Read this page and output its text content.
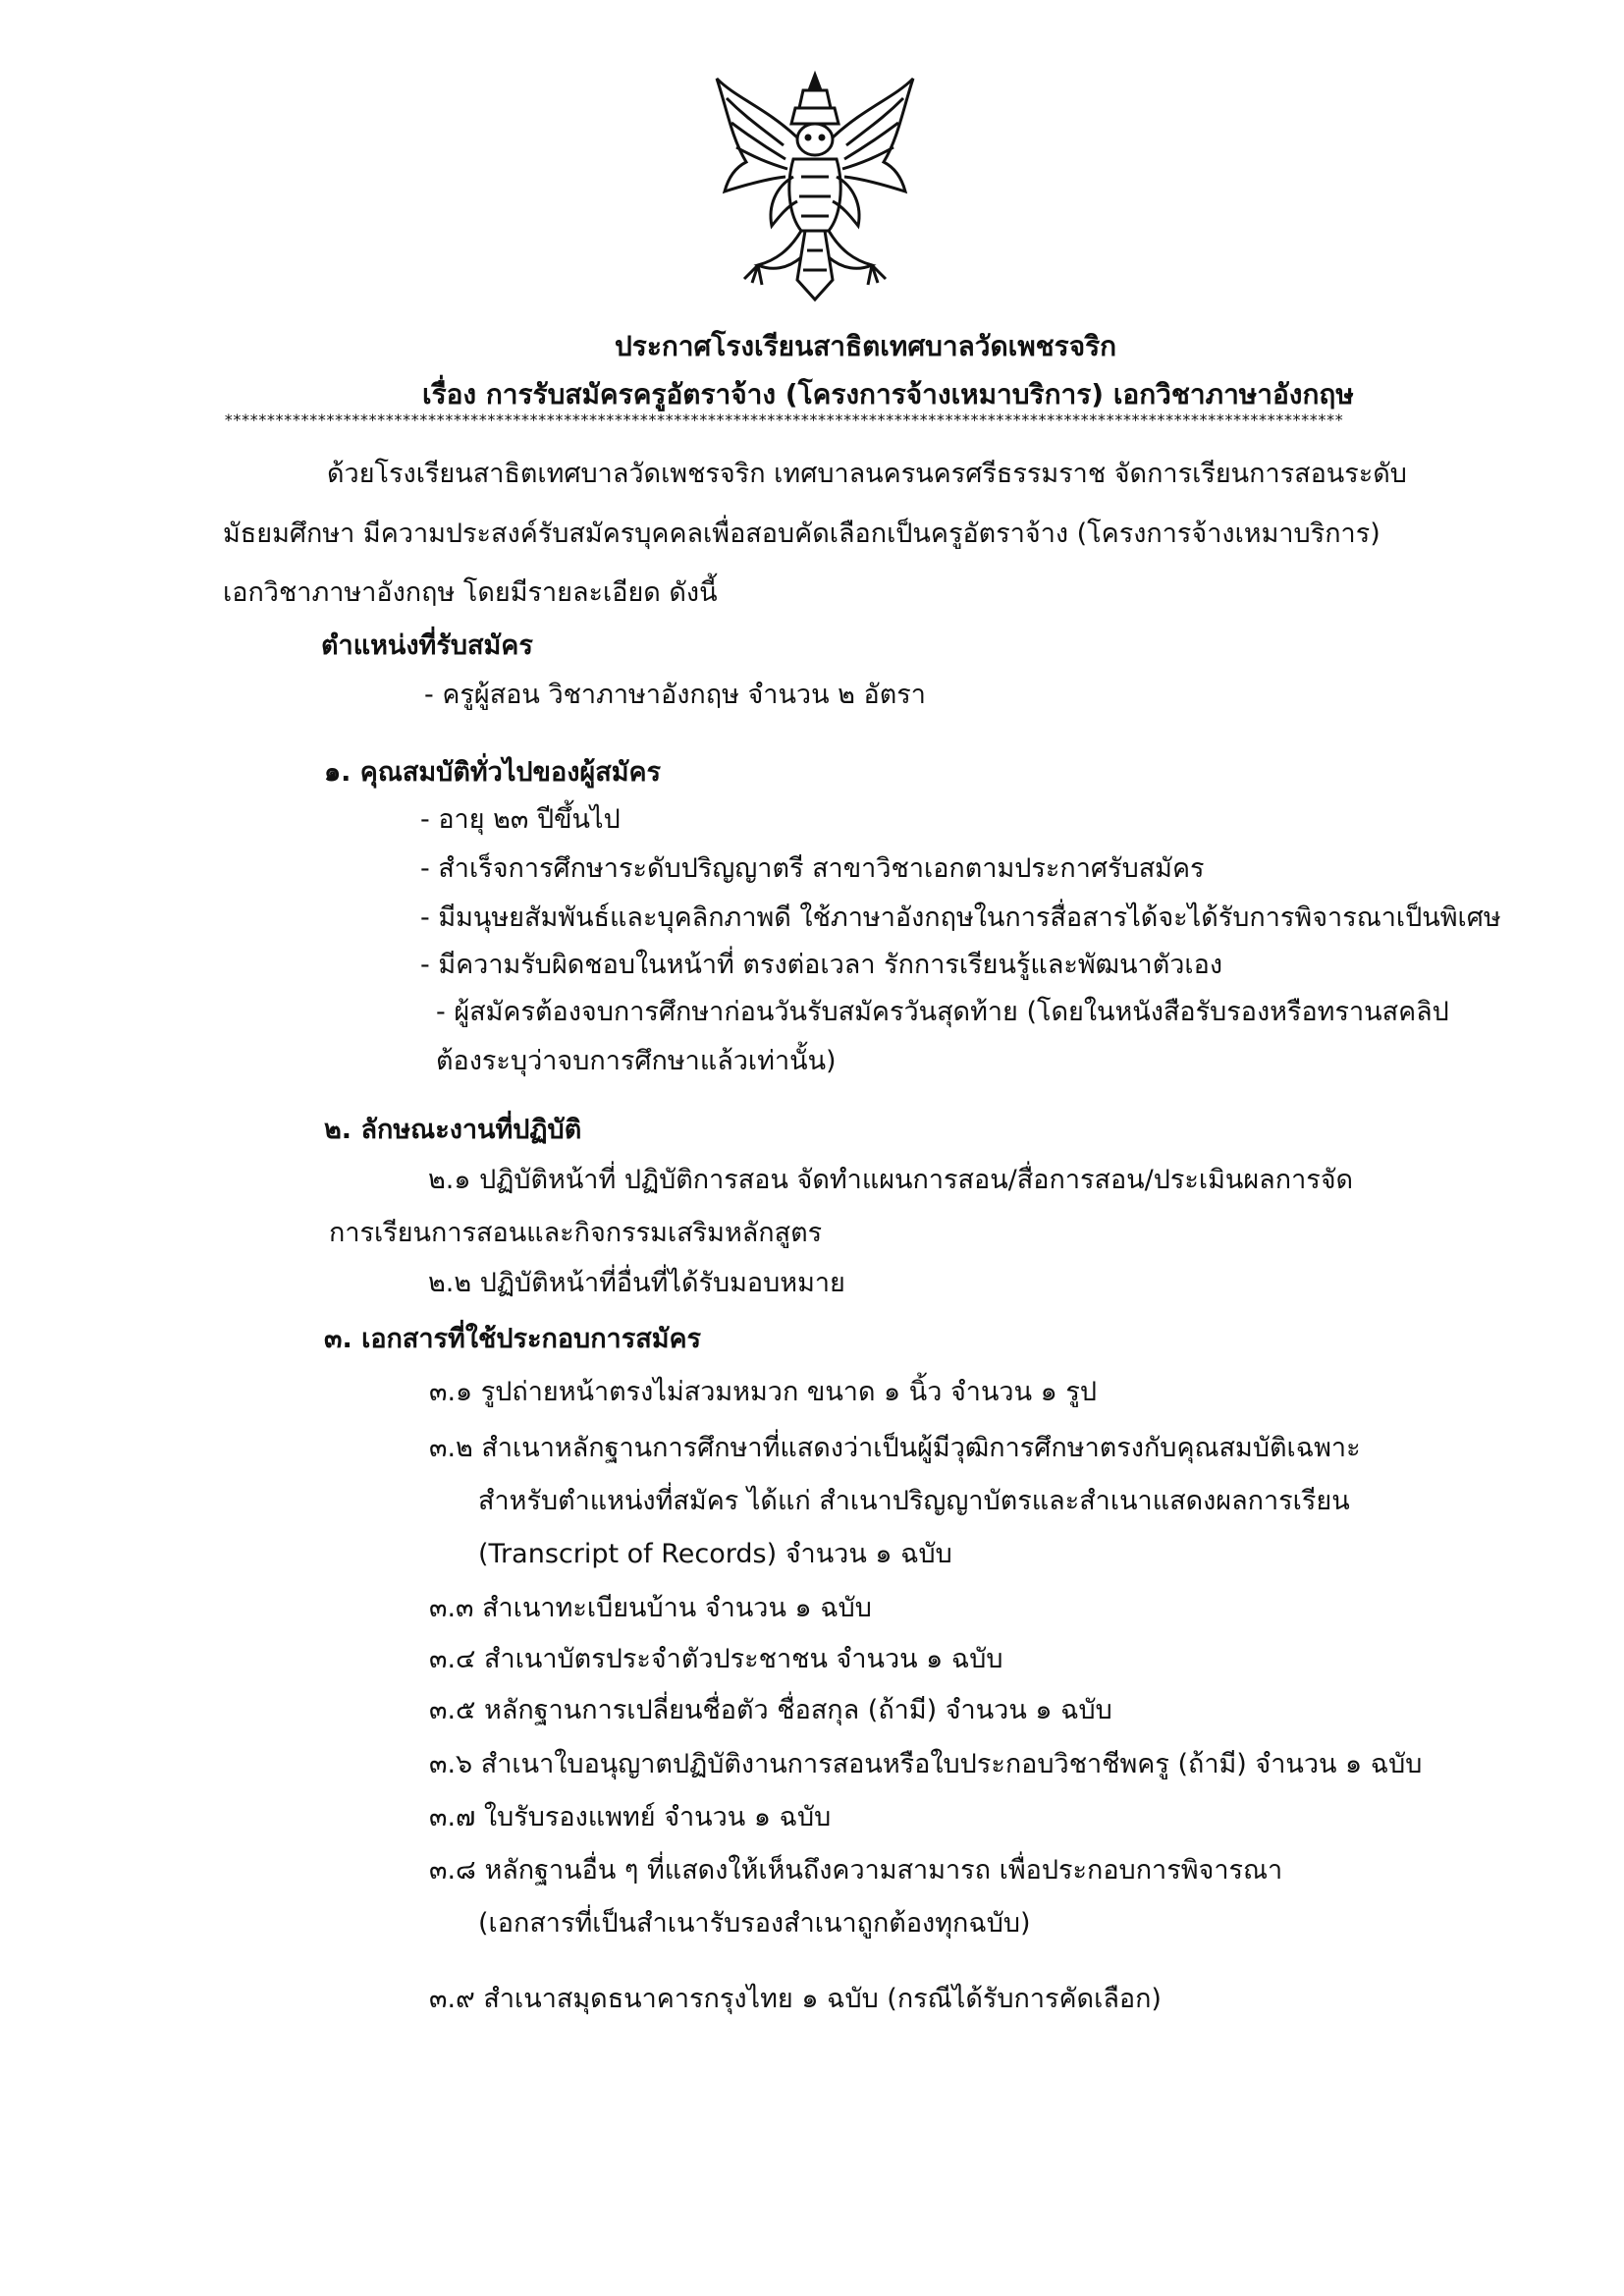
ประกาศโรงเรียนสาธิตเทศบาลวัดเพชรจริก
เรื่อง การรับสมัครครูอัตราจ้าง (โครงการจ้างเหมาบริการ) เอกวิชาภาษาอังกฤษ
************************************************************************************************************************************
ด้วยโรงเรียนสาธิตเทศบาลวัดเพชรจริก เทศบาลนครนครศรีธรรมราช จัดการเรียนการสอนระดับ
มัธยมศึกษา มีความประสงค์รับสมัครบุคคลเพื่อสอบคัดเลือกเป็นครูอัตราจ้าง (โครงการจ้างเหมาบริการ)
เอกวิชาภาษาอังกฤษ โดยมีรายละเอียด ดังนี้
ตำแหน่งที่รับสมัคร
- ครูผู้สอน วิชาภาษาอังกฤษ จำนวน ๒ อัตรา
๑. คุณสมบัติทั่วไปของผู้สมัคร
- อายุ ๒๓ ปีขึ้นไป
- สำเร็จการศึกษาระดับปริญญาตรี สาขาวิชาเอกตามประกาศรับสมัคร
- มีมนุษยสัมพันธ์และบุคลิกภาพดี ใช้ภาษาอังกฤษในการสื่อสารได้จะได้รับการพิจารณาเป็นพิเศษ
- มีความรับผิดชอบในหน้าที่ ตรงต่อเวลา รักการเรียนรู้และพัฒนาตัวเอง
- ผู้สมัครต้องจบการศึกษาก่อนวันรับสมัครวันสุดท้าย (โดยในหนังสือรับรองหรือทรานสคลิป
ต้องระบุว่าจบการศึกษาแล้วเท่านั้น)
๒. ลักษณะงานที่ปฏิบัติ
๒.๑ ปฏิบัติหน้าที่ ปฏิบัติการสอน จัดทำแผนการสอน/สื่อการสอน/ประเมินผลการจัด
การเรียนการสอนและกิจกรรมเสริมหลักสูตร
๒.๒ ปฏิบัติหน้าที่อื่นที่ได้รับมอบหมาย
๓. เอกสารที่ใช้ประกอบการสมัคร
๓.๑ รูปถ่ายหน้าตรงไม่สวมหมวก ขนาด ๑ นิ้ว จำนวน ๑ รูป
๓.๒ สำเนาหลักฐานการศึกษาที่แสดงว่าเป็นผู้มีวุฒิการศึกษาตรงกับคุณสมบัติเฉพาะ
สำหรับตำแหน่งที่สมัคร ได้แก่ สำเนาปริญญาบัตรและสำเนาแสดงผลการเรียน
(Transcript of Records) จำนวน ๑ ฉบับ
๓.๓ สำเนาทะเบียนบ้าน จำนวน ๑ ฉบับ
๓.๔ สำเนาบัตรประจำตัวประชาชน จำนวน ๑ ฉบับ
๓.๕ หลักฐานการเปลี่ยนชื่อตัว ชื่อสกุล (ถ้ามี) จำนวน ๑ ฉบับ
๓.๖ สำเนาใบอนุญาตปฏิบัติงานการสอนหรือใบประกอบวิชาชีพครู (ถ้ามี) จำนวน ๑ ฉบับ
๓.๗ ใบรับรองแพทย์ จำนวน ๑ ฉบับ
๓.๘ หลักฐานอื่น ๆ ที่แสดงให้เห็นถึงความสามารถ เพื่อประกอบการพิจารณา
(เอกสารที่เป็นสำเนารับรองสำเนาถูกต้องทุกฉบับ)
๓.๙ สำเนาสมุดธนาคารกรุงไทย ๑ ฉบับ (กรณีได้รับการคัดเลือก)
